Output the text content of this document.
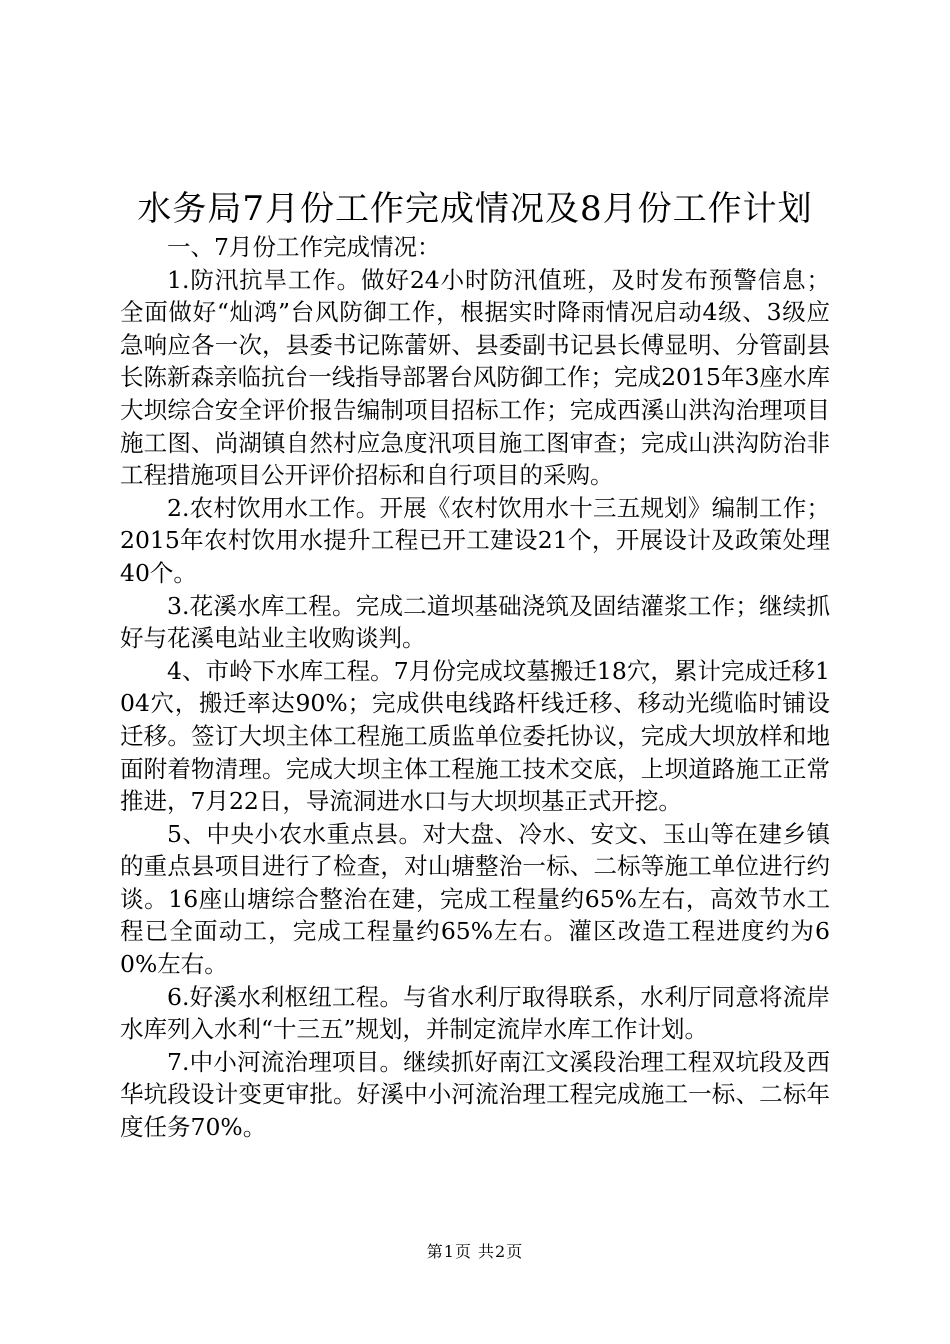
水务局7月份工作完成情况及8月份工作计划

一、7月份工作完成情况：

1.防汛抗旱工作。做好24小时防汛值班，及时发布预警信息；全面做好“灿鸿”台风防御工作，根据实时降雨情况启动4级、3级应急响应各一次，县委书记陈蕾妍、县委副书记县长傅显明、分管副县长陈新森亲临抗台一线指导部署台风防御工作；完成2015年3座水库大坝综合安全评价报告编制项目招标工作；完成西溪山洪沟治理项目施工图、尚湖镇自然村应急度汛项目施工图审查；完成山洪沟防治非工程措施项目公开评价招标和自行项目的采购。

2.农村饮用水工作。开展《农村饮用水十三五规划》编制工作；2015年农村饮用水提升工程已开工建设21个，开展设计及政策处理40个。

3.花溪水库工程。完成二道坝基础浇筑及固结灌浆工作；继续抓好与花溪电站业主收购谈判。

4、市岭下水库工程。7月份完成坟墓搬迁18穴，累计完成迁移104穴，搬迁率达90%；完成供电线路杆线迁移、移动光缆临时铺设迁移。签订大坝主体工程施工质监单位委托协议，完成大坝放样和地面附着物清理。完成大坝主体工程施工技术交底，上坝道路施工正常推进，7月22日，导流洞进水口与大坝坝基正式开挖。

5、中央小农水重点县。对大盘、冷水、安文、玉山等在建乡镇的重点县项目进行了检查，对山塘整治一标、二标等施工单位进行约谈。16座山塘综合整治在建，完成工程量约65%左右，高效节水工程已全面动工，完成工程量约65%左右。灌区改造工程进度约为60%左右。

6.好溪水利枢纽工程。与省水利厅取得联系，水利厅同意将流岸水库列入水利“十三五”规划，并制定流岸水库工作计划。

7.中小河流治理项目。继续抓好南江文溪段治理工程双坑段及西华坑段设计变更审批。好溪中小河流治理工程完成施工一标、二标年度任务70%。

第1页 共2页
